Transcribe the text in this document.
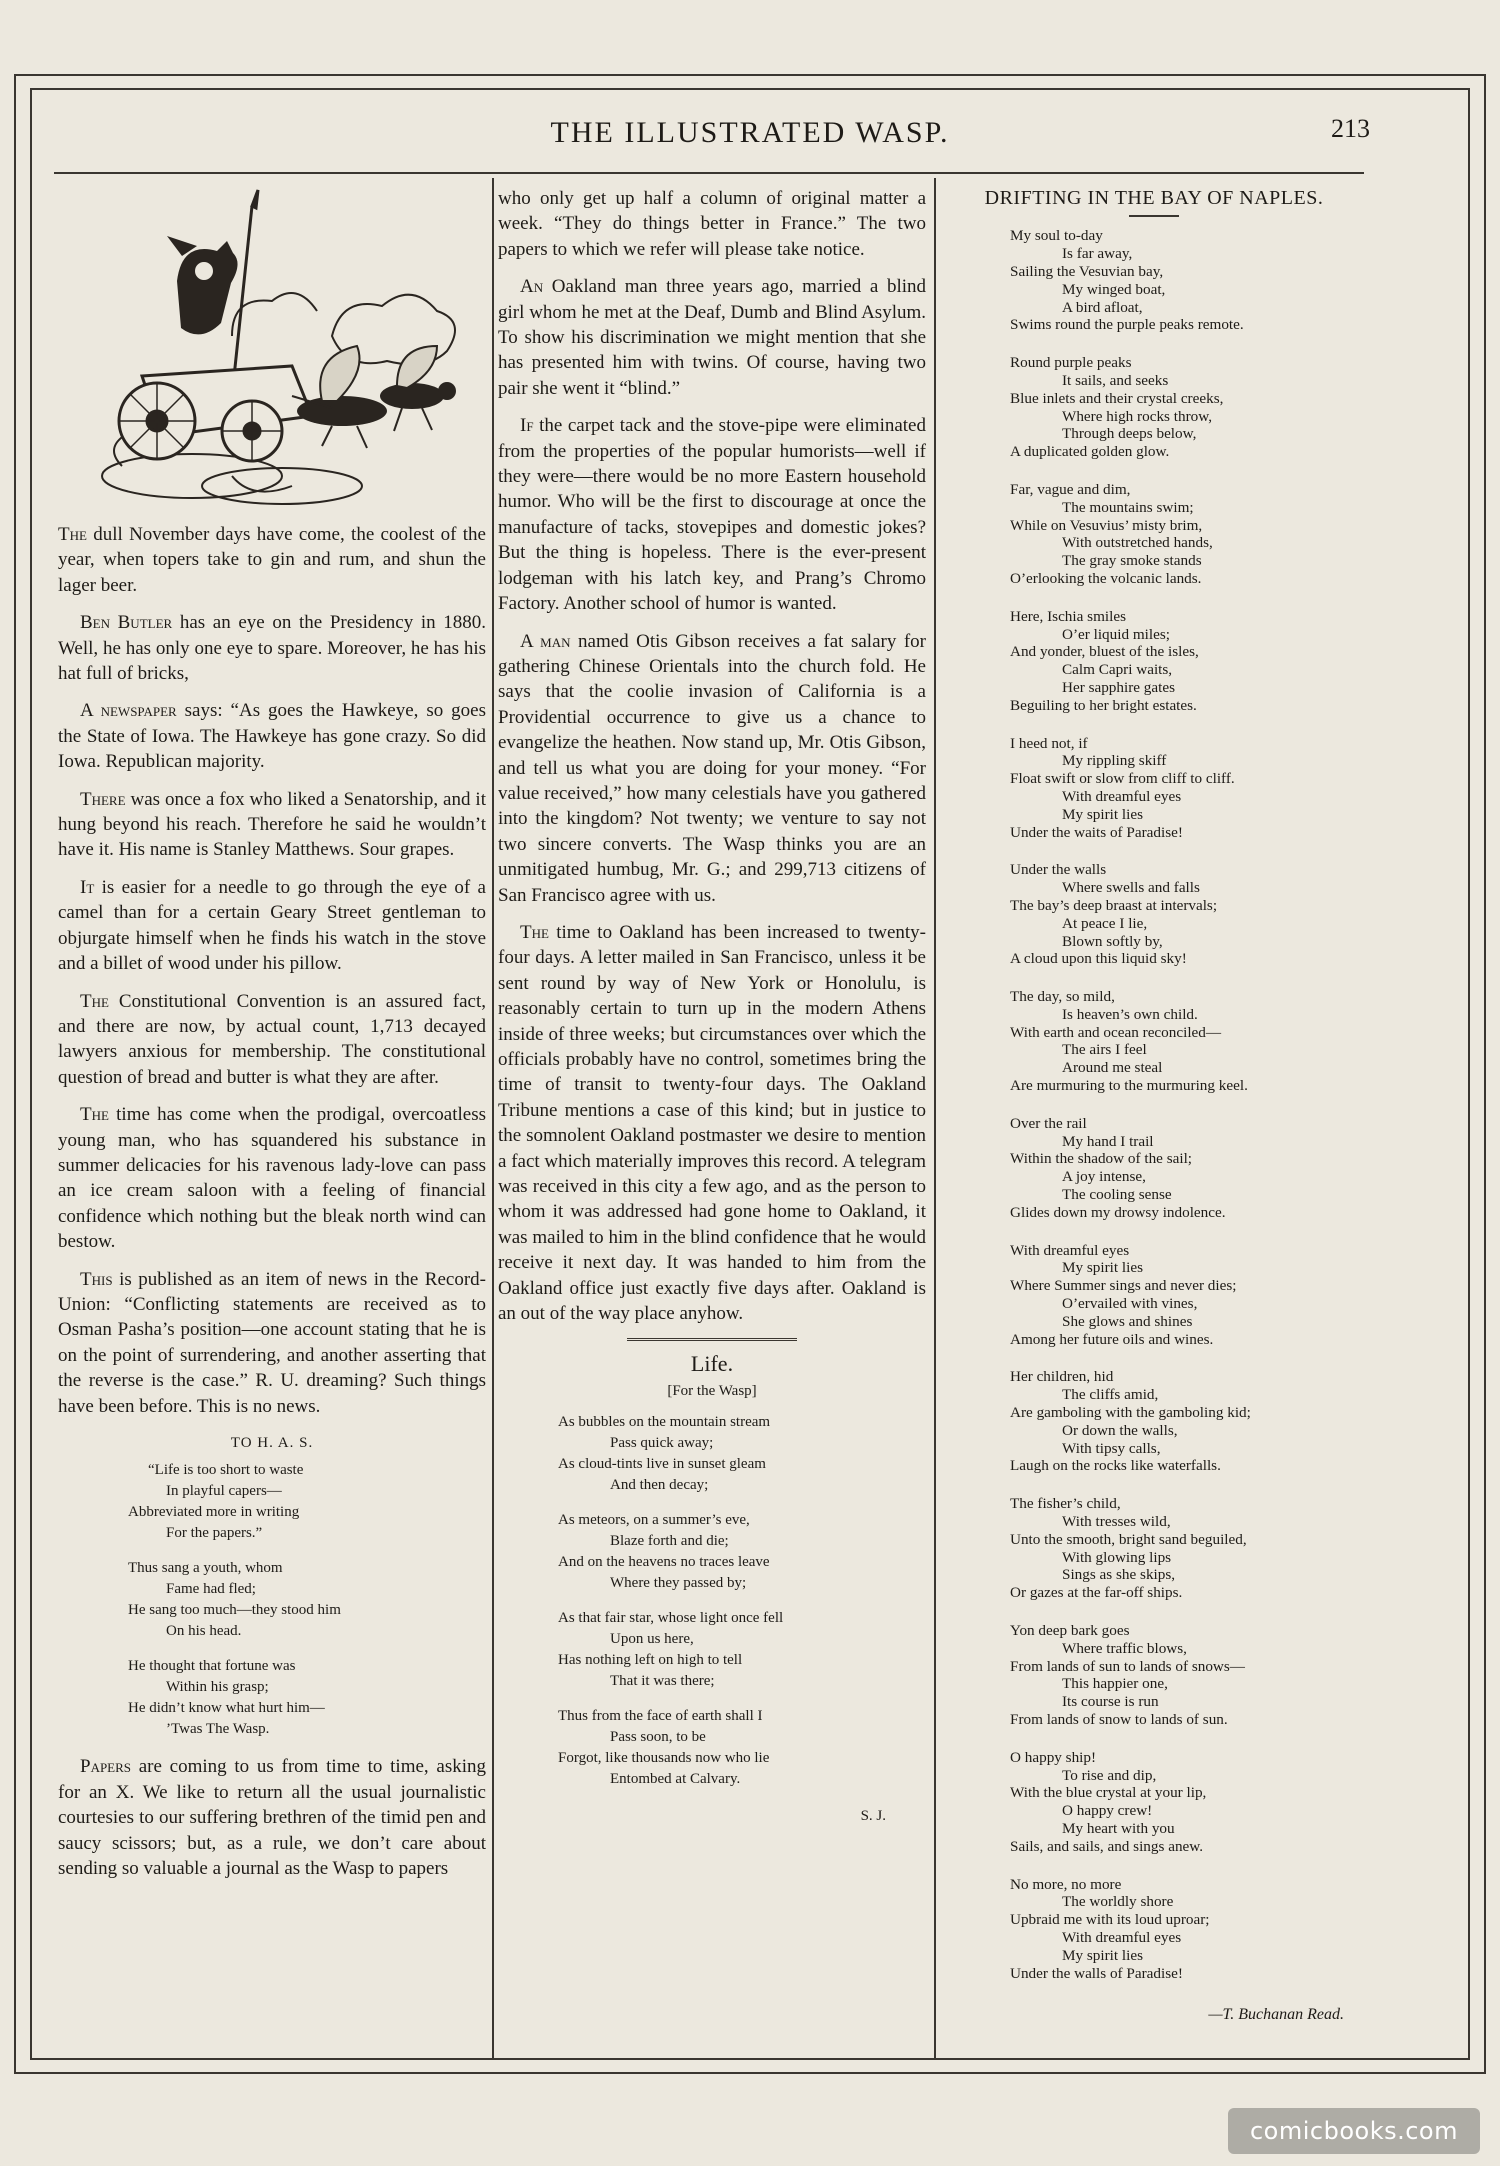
THE ILLUSTRATED WASP.	213

The dull November days have come, the coolest of the year, when topers take to gin and rum, and shun the lager beer.

Ben Butler has an eye on the Presidency in 1880. Well, he has only one eye to spare. Moreover, he has his hat full of bricks,

A newspaper says: “As goes the Hawkeye, so goes the State of Iowa. The Hawkeye has gone crazy. So did Iowa. Republican majority.

There was once a fox who liked a Senatorship, and it hung beyond his reach. Therefore he said he wouldn’t have it. His name is Stanley Matthews. Sour grapes.

It is easier for a needle to go through the eye of a camel than for a certain Geary Street gentleman to objurgate himself when he finds his watch in the stove and a billet of wood under his pillow.

The Constitutional Convention is an assured fact, and there are now, by actual count, 1,713 decayed lawyers anxious for membership. The constitutional question of bread and butter is what they are after.

The time has come when the prodigal, overcoatless young man, who has squandered his substance in summer delicacies for his ravenous lady-love can pass an ice cream saloon with a feeling of financial confidence which nothing but the bleak north wind can bestow.

This is published as an item of news in the Record-Union: “Conflicting statements are received as to Osman Pasha’s position—one account stating that he is on the point of surrendering, and another asserting that the reverse is the case.” R. U. dreaming? Such things have been before. This is no news.

TO H. A. S.
“Life is too short to waste
In playful capers—
Abbreviated more in writing
For the papers.”
Thus sang a youth, whom
Fame had fled;
He sang too much—they stood him
On his head.
He thought that fortune was
Within his grasp;
He didn’t know what hurt him—
’Twas The Wasp.

Papers are coming to us from time to time, asking for an X. We like to return all the usual journalistic courtesies to our suffering brethren of the timid pen and saucy scissors; but, as a rule, we don’t care about sending so valuable a journal as the Wasp to papers

who only get up half a column of original matter a week. “They do things better in France.” The two papers to which we refer will please take notice.

An Oakland man three years ago, married a blind girl whom he met at the Deaf, Dumb and Blind Asylum. To show his discrimination we might mention that she has presented him with twins. Of course, having two pair she went it “blind.”

If the carpet tack and the stove-pipe were eliminated from the properties of the popular humorists—well if they were—there would be no more Eastern household humor. Who will be the first to discourage at once the manufacture of tacks, stovepipes and domestic jokes? But the thing is hopeless. There is the ever-present lodgeman with his latch key, and Prang’s Chromo Factory. Another school of humor is wanted.

A man named Otis Gibson receives a fat salary for gathering Chinese Orientals into the church fold. He says that the coolie invasion of California is a Providential occurrence to give us a chance to evangelize the heathen. Now stand up, Mr. Otis Gibson, and tell us what you are doing for your money. “For value received,” how many celestials have you gathered into the kingdom? Not twenty; we venture to say not two sincere converts. The Wasp thinks you are an unmitigated humbug, Mr. G.; and 299,713 citizens of San Francisco agree with us.

The time to Oakland has been increased to twenty-four days. A letter mailed in San Francisco, unless it be sent round by way of New York or Honolulu, is reasonably certain to turn up in the modern Athens inside of three weeks; but circumstances over which the officials probably have no control, sometimes bring the time of transit to twenty-four days. The Oakland Tribune mentions a case of this kind; but in justice to the somnolent Oakland postmaster we desire to mention a fact which materially improves this record. A telegram was received in this city a few ago, and as the person to whom it was addressed had gone home to Oakland, it was mailed to him in the blind confidence that he would receive it next day. It was handed to him from the Oakland office just exactly five days after. Oakland is an out of the way place anyhow.

Life.
[For the Wasp]
As bubbles on the mountain stream
Pass quick away;
As cloud-tints live in sunset gleam
And then decay;
As meteors, on a summer’s eve,
Blaze forth and die;
And on the heavens no traces leave
Where they passed by;
As that fair star, whose light once fell
Upon us here,
Has nothing left on high to tell
That it was there;
Thus from the face of earth shall I
Pass soon, to be
Forgot, like thousands now who lie
Entombed at Calvary.
S. J.
DRIFTING IN THE BAY OF NAPLES.
My soul to-day
Is far away,
Sailing the Vesuvian bay,
My winged boat,
A bird afloat,
Swims round the purple peaks remote.
Round purple peaks
It sails, and seeks
Blue inlets and their crystal creeks,
Where high rocks throw,
Through deeps below,
A duplicated golden glow.
Far, vague and dim,
The mountains swim;
While on Vesuvius’ misty brim,
With outstretched hands,
The gray smoke stands
O’erlooking the volcanic lands.
Here, Ischia smiles
O’er liquid miles;
And yonder, bluest of the isles,
Calm Capri waits,
Her sapphire gates
Beguiling to her bright estates.
I heed not, if
My rippling skiff
Float swift or slow from cliff to cliff.
With dreamful eyes
My spirit lies
Under the waits of Paradise!
Under the walls
Where swells and falls
The bay’s deep braast at intervals;
At peace I lie,
Blown softly by,
A cloud upon this liquid sky!
The day, so mild,
Is heaven’s own child.
With earth and ocean reconciled—
The airs I feel
Around me steal
Are murmuring to the murmuring keel.
Over the rail
My hand I trail
Within the shadow of the sail;
A joy intense,
The cooling sense
Glides down my drowsy indolence.
With dreamful eyes
My spirit lies
Where Summer sings and never dies;
O’ervailed with vines,
She glows and shines
Among her future oils and wines.
Her children, hid
The cliffs amid,
Are gamboling with the gamboling kid;
Or down the walls,
With tipsy calls,
Laugh on the rocks like waterfalls.
The fisher’s child,
With tresses wild,
Unto the smooth, bright sand beguiled,
With glowing lips
Sings as she skips,
Or gazes at the far-off ships.
Yon deep bark goes
Where traffic blows,
From lands of sun to lands of snows—
This happier one,
Its course is run
From lands of snow to lands of sun.
O happy ship!
To rise and dip,
With the blue crystal at your lip,
O happy crew!
My heart with you
Sails, and sails, and sings anew.
No more, no more
The worldly shore
Upbraid me with its loud uproar;
With dreamful eyes
My spirit lies
Under the walls of Paradise!
—T. Buchanan Read.
comicbooks.com
